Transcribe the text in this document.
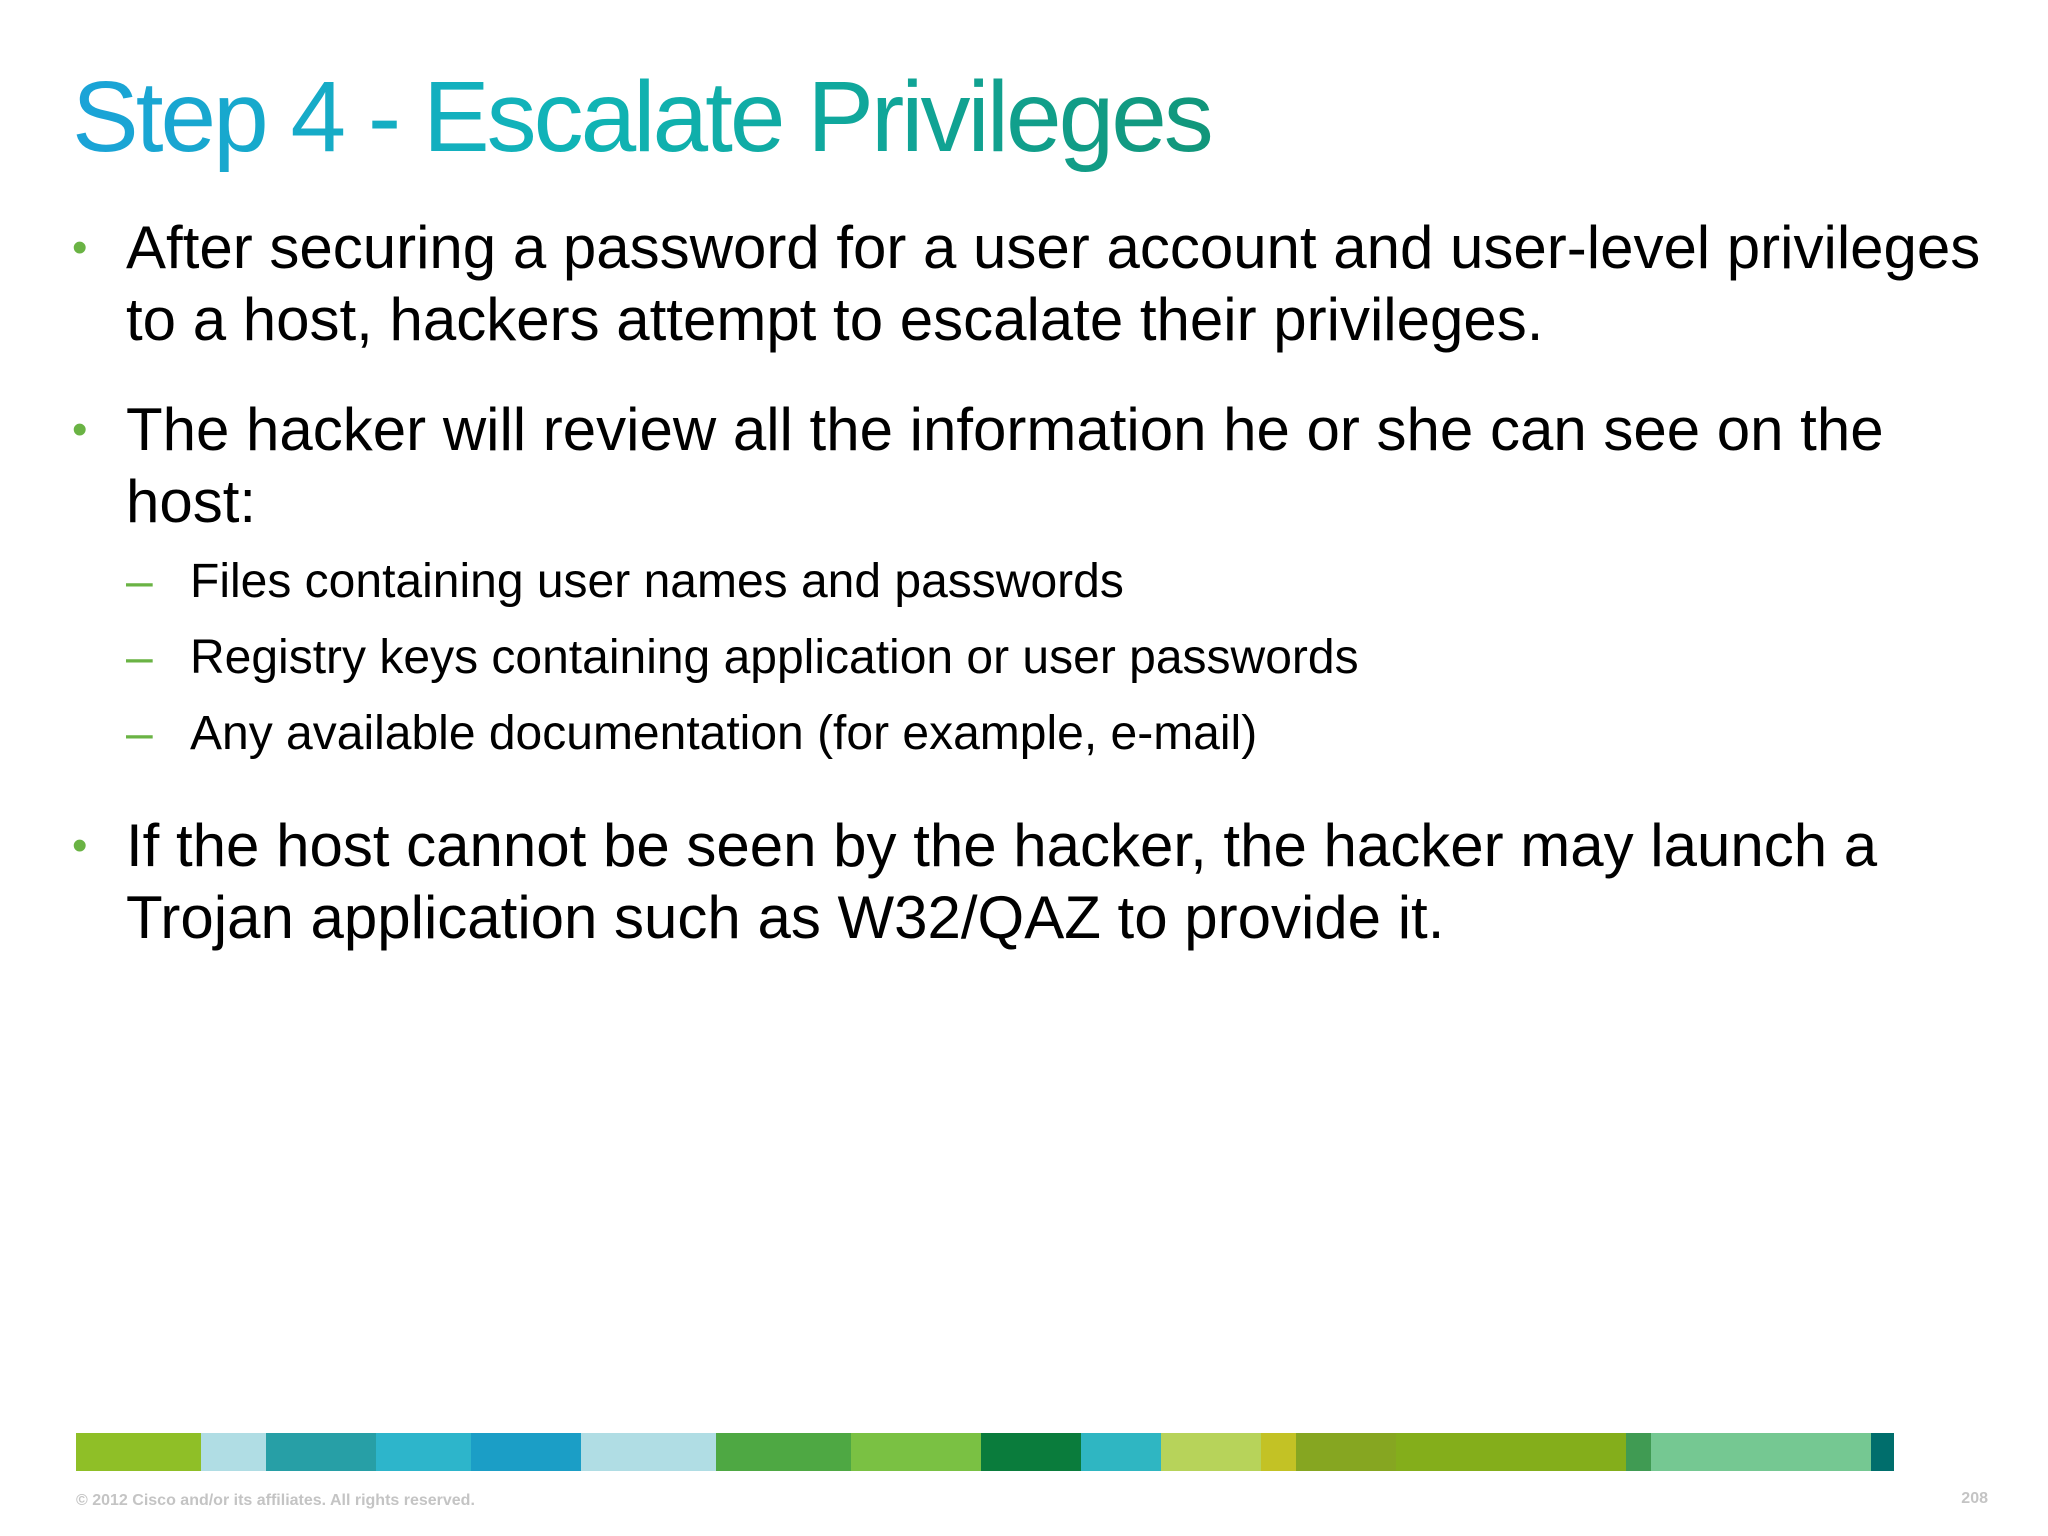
Step 4 - Escalate Privileges
• After securing a password for a user account and user-level privileges to a host, hackers attempt to escalate their privileges.
• The hacker will review all the information he or she can see on the host:
– Files containing user names and passwords
– Registry keys containing application or user passwords
– Any available documentation (for example, e-mail)
• If the host cannot be seen by the hacker, the hacker may launch a Trojan application such as W32/QAZ to provide it.
© 2012 Cisco and/or its affiliates. All rights reserved.	208
